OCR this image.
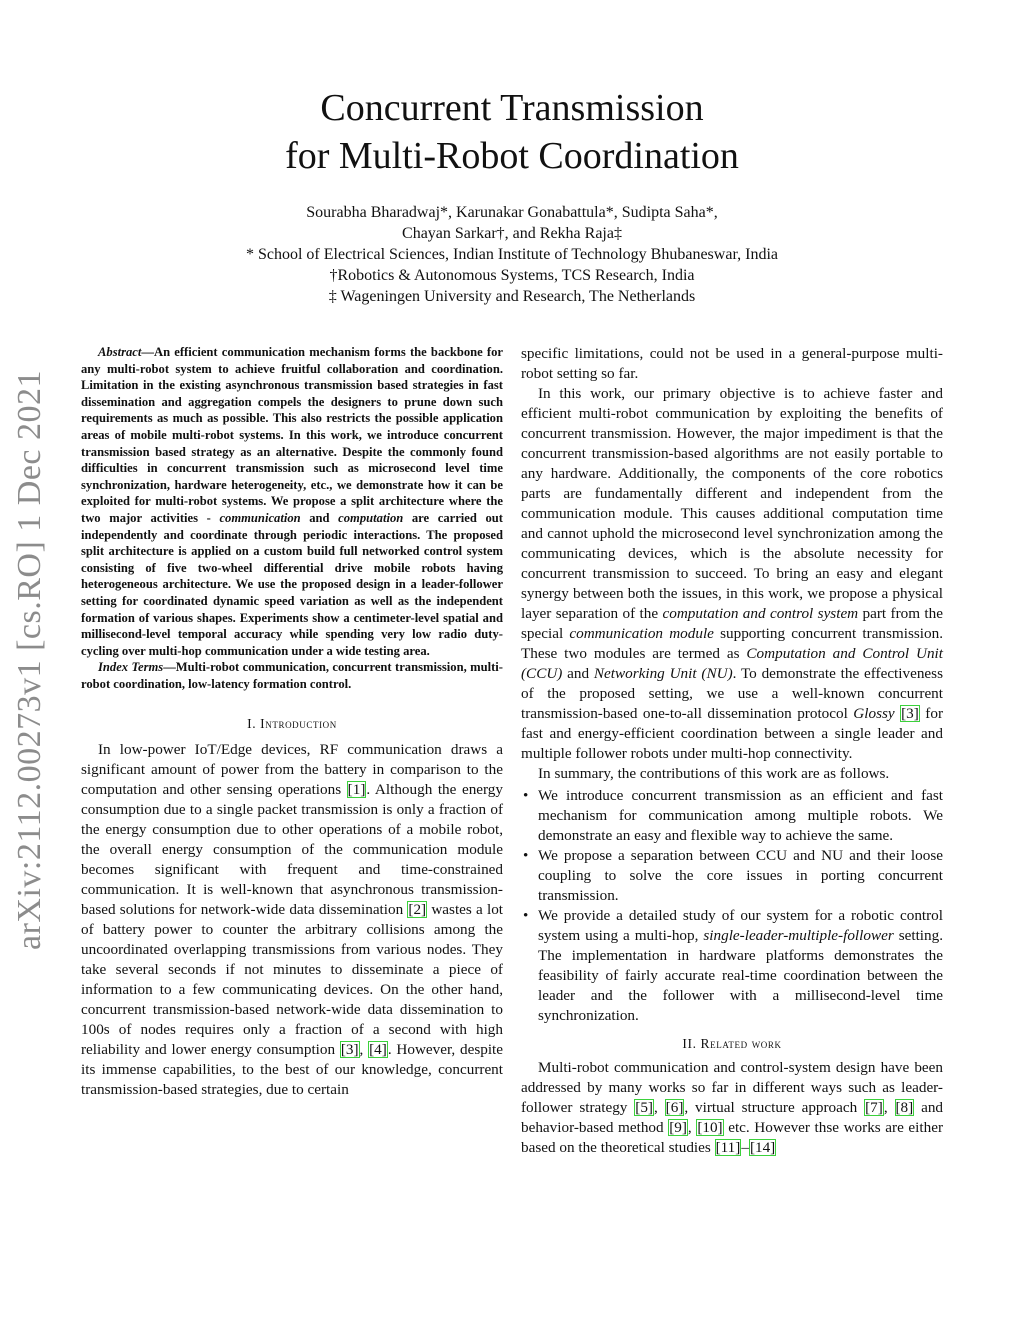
arXiv:2112.00273v1 [cs.RO] 1 Dec 2021
Concurrent Transmission
for Multi-Robot Coordination
Sourabha Bharadwaj*, Karunakar Gonabattula*, Sudipta Saha*,
Chayan Sarkar†, and Rekha Raja‡
* School of Electrical Sciences, Indian Institute of Technology Bhubaneswar, India
†Robotics & Autonomous Systems, TCS Research, India
‡ Wageningen University and Research, The Netherlands

Abstract—An efficient communication mechanism forms the backbone for any multi-robot system to achieve fruitful collaboration and coordination. Limitation in the existing asynchronous transmission based strategies in fast dissemination and aggregation compels the designers to prune down such requirements as much as possible. This also restricts the possible application areas of mobile multi-robot systems. In this work, we introduce concurrent transmission based strategy as an alternative. Despite the commonly found difficulties in concurrent transmission such as microsecond level time synchronization, hardware heterogeneity, etc., we demonstrate how it can be exploited for multi-robot systems. We propose a split architecture where the two major activities - communication and computation are carried out independently and coordinate through periodic interactions. The proposed split architecture is applied on a custom build full networked control system consisting of five two-wheel differential drive mobile robots having heterogeneous architecture. We use the proposed design in a leader-follower setting for coordinated dynamic speed variation as well as the independent formation of various shapes. Experiments show a centimeter-level spatial and millisecond-level temporal accuracy while spending very low radio duty-cycling over multi-hop communication under a wide testing area.

Index Terms—Multi-robot communication, concurrent transmission, multi-robot coordination, low-latency formation control.

I. Introduction

In low-power IoT/Edge devices, RF communication draws a significant amount of power from the battery in comparison to the computation and other sensing operations [1]. Although the energy consumption due to a single packet transmission is only a fraction of the energy consumption due to other operations of a mobile robot, the overall energy consumption of the communication module becomes significant with frequent and time-constrained communication. It is well-known that asynchronous transmission-based solutions for network-wide data dissemination [2] wastes a lot of battery power to counter the arbitrary collisions among the uncoordinated overlapping transmissions from various nodes. They take several seconds if not minutes to disseminate a piece of information to a few communicating devices. On the other hand, concurrent transmission-based network-wide data dissemination to 100s of nodes requires only a fraction of a second with high reliability and lower energy consumption [3], [4]. However, despite its immense capabilities, to the best of our knowledge, concurrent transmission-based strategies, due to certain

specific limitations, could not be used in a general-purpose multi-robot setting so far.

In this work, our primary objective is to achieve faster and efficient multi-robot communication by exploiting the benefits of concurrent transmission. However, the major impediment is that the concurrent transmission-based algorithms are not easily portable to any hardware. Additionally, the components of the core robotics parts are fundamentally different and independent from the communication module. This causes additional computation time and cannot uphold the microsecond level synchronization among the communicating devices, which is the absolute necessity for concurrent transmission to succeed. To bring an easy and elegant synergy between both the issues, in this work, we propose a physical layer separation of the computation and control system part from the special communication module supporting concurrent transmission. These two modules are termed as Computation and Control Unit (CCU) and Networking Unit (NU). To demonstrate the effectiveness of the proposed setting, we use a well-known concurrent transmission-based one-to-all dissemination protocol Glossy [3] for fast and energy-efficient coordination between a single leader and multiple follower robots under multi-hop connectivity.

In summary, the contributions of this work are as follows.

• We introduce concurrent transmission as an efficient and fast mechanism for communication among multiple robots. We demonstrate an easy and flexible way to achieve the same.
• We propose a separation between CCU and NU and their loose coupling to solve the core issues in porting concurrent transmission.
• We provide a detailed study of our system for a robotic control system using a multi-hop, single-leader-multiple-follower setting. The implementation in hardware platforms demonstrates the feasibility of fairly accurate real-time coordination between the leader and the follower with a millisecond-level time synchronization.
II. Related work

Multi-robot communication and control-system design have been addressed by many works so far in different ways such as leader-follower strategy [5], [6], virtual structure approach [7], [8] and behavior-based method [9], [10] etc. However thse works are either based on the theoretical studies [11]–[14]
